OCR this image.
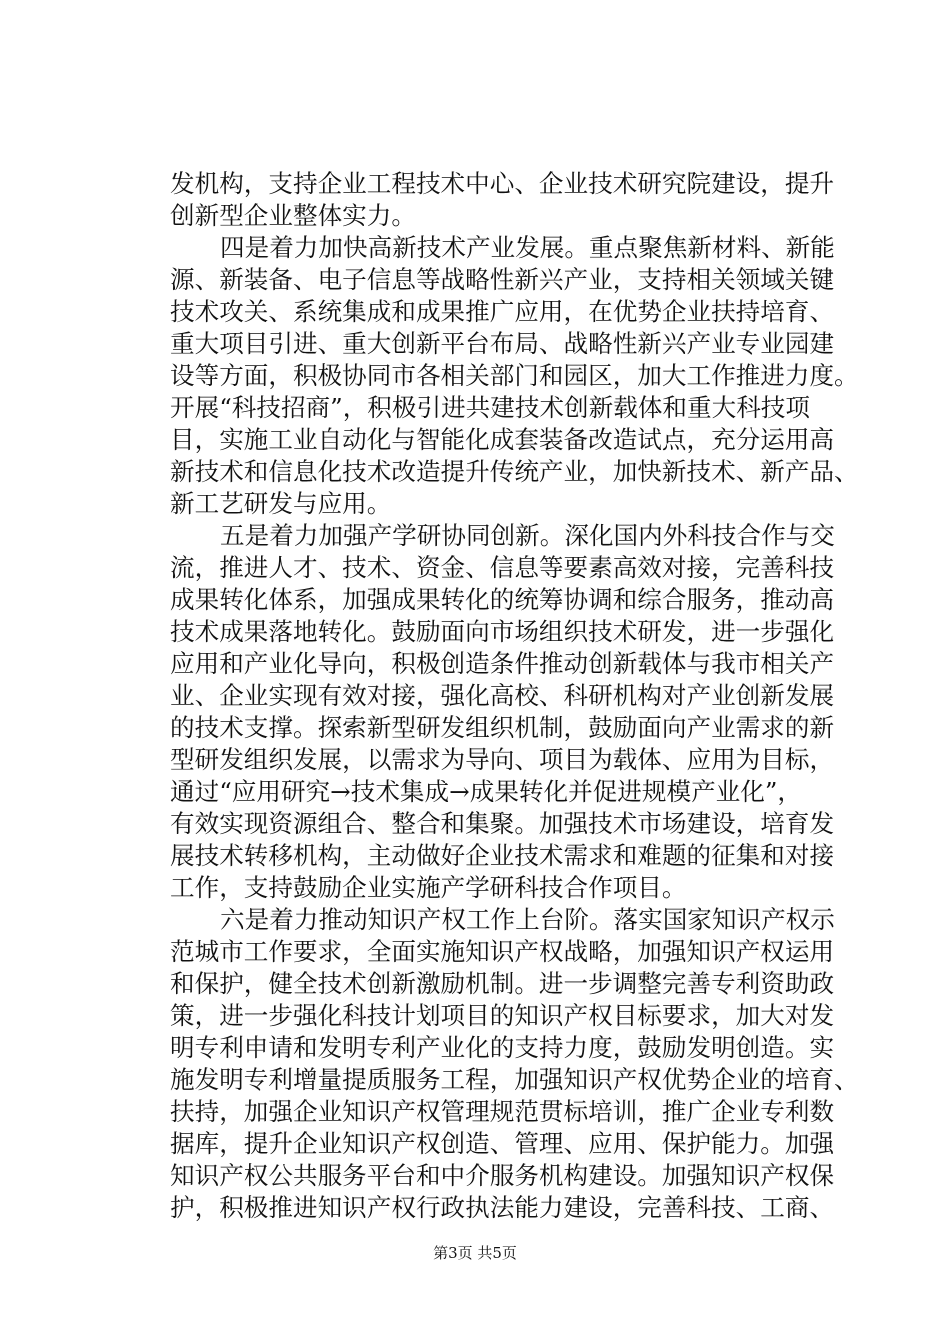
发机构，支持企业工程技术中心、企业技术研究院建设，提升
创新型企业整体实力。
四是着力加快高新技术产业发展。重点聚焦新材料、新能
源、新装备、电子信息等战略性新兴产业，支持相关领域关键
技术攻关、系统集成和成果推广应用，在优势企业扶持培育、
重大项目引进、重大创新平台布局、战略性新兴产业专业园建
设等方面，积极协同市各相关部门和园区，加大工作推进力度。
开展“科技招商”，积极引进共建技术创新载体和重大科技项
目，实施工业自动化与智能化成套装备改造试点，充分运用高
新技术和信息化技术改造提升传统产业，加快新技术、新产品、
新工艺研发与应用。
五是着力加强产学研协同创新。深化国内外科技合作与交
流，推进人才、技术、资金、信息等要素高效对接，完善科技
成果转化体系，加强成果转化的统筹协调和综合服务，推动高
技术成果落地转化。鼓励面向市场组织技术研发，进一步强化
应用和产业化导向，积极创造条件推动创新载体与我市相关产
业、企业实现有效对接，强化高校、科研机构对产业创新发展
的技术支撑。探索新型研发组织机制，鼓励面向产业需求的新
型研发组织发展，以需求为导向、项目为载体、应用为目标，
通过“应用研究→技术集成→成果转化并促进规模产业化”，
有效实现资源组合、整合和集聚。加强技术市场建设，培育发
展技术转移机构，主动做好企业技术需求和难题的征集和对接
工作，支持鼓励企业实施产学研科技合作项目。
六是着力推动知识产权工作上台阶。落实国家知识产权示
范城市工作要求，全面实施知识产权战略，加强知识产权运用
和保护，健全技术创新激励机制。进一步调整完善专利资助政
策，进一步强化科技计划项目的知识产权目标要求，加大对发
明专利申请和发明专利产业化的支持力度，鼓励发明创造。实
施发明专利增量提质服务工程，加强知识产权优势企业的培育、
扶持，加强企业知识产权管理规范贯标培训，推广企业专利数
据库，提升企业知识产权创造、管理、应用、保护能力。加强
知识产权公共服务平台和中介服务机构建设。加强知识产权保
护，积极推进知识产权行政执法能力建设，完善科技、工商、
第3页 共5页
